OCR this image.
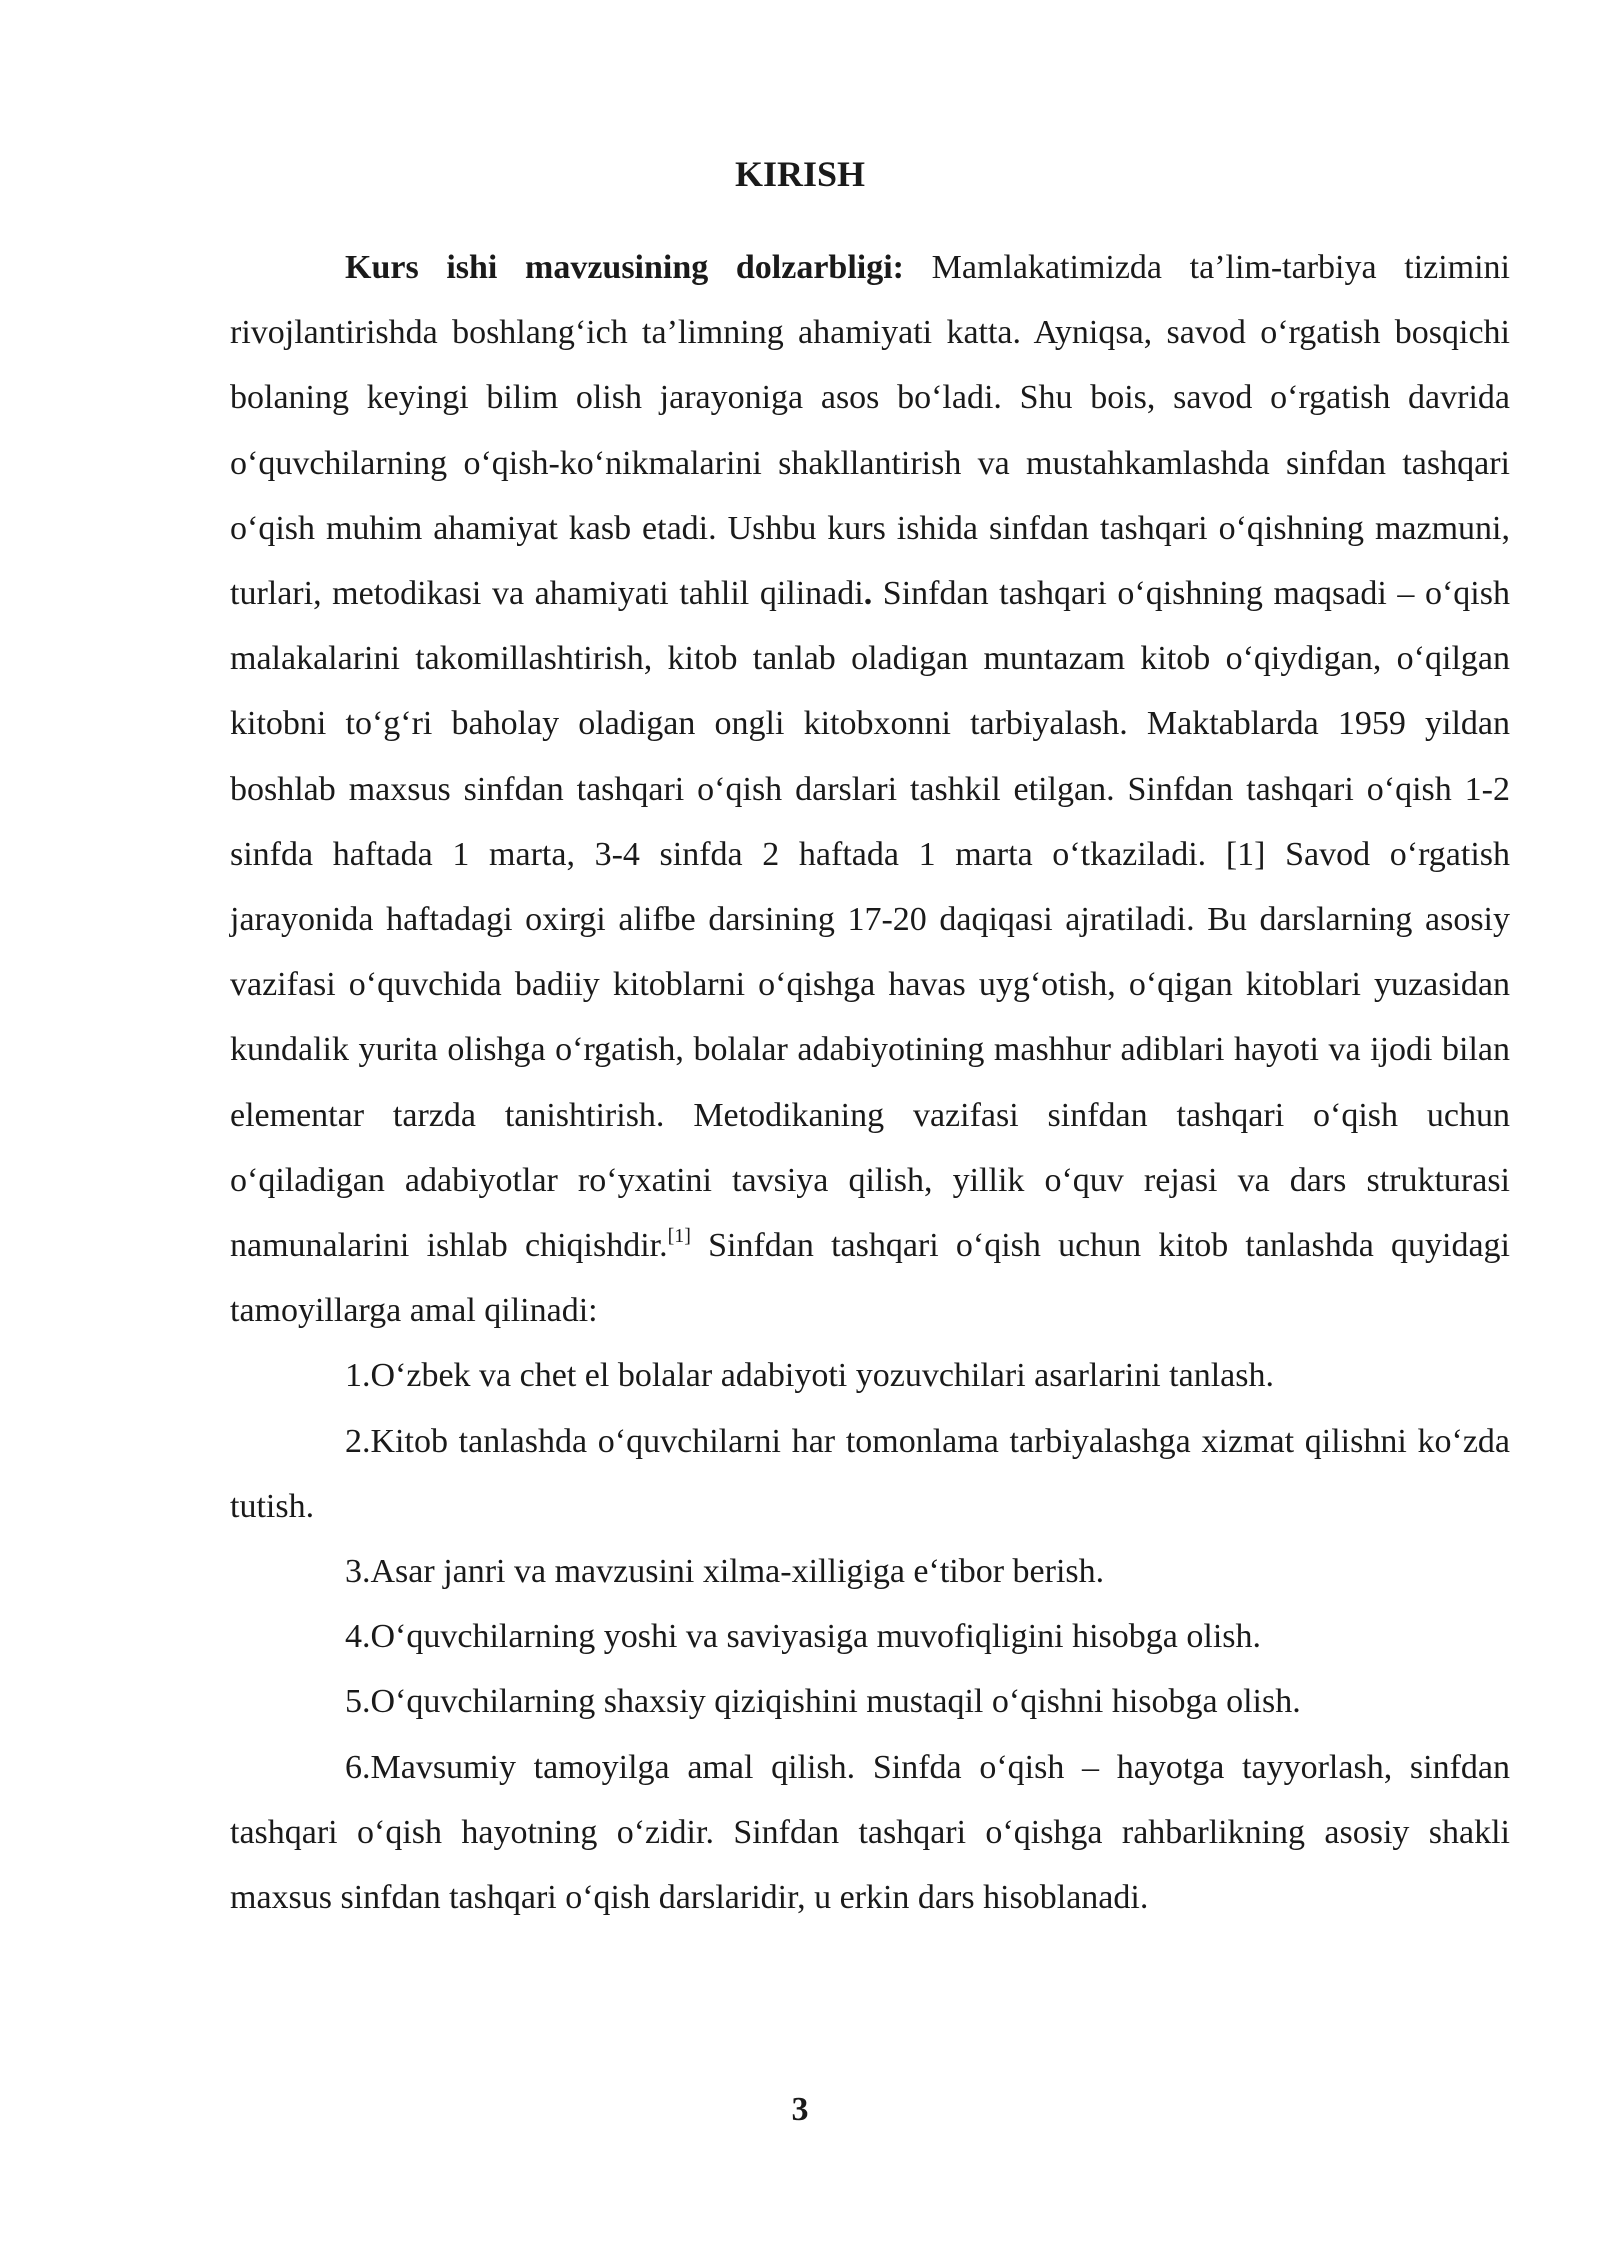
KIRISH

Kurs ishi mavzusining dolzarbligi: Mamlakatimizda ta’lim-tarbiya tizimini rivojlantirishda boshlang‘ich ta’limning ahamiyati katta. Ayniqsa, savod o‘rgatish bosqichi bolaning keyingi bilim olish jarayoniga asos bo‘ladi. Shu bois, savod o‘rgatish davrida o‘quvchilarning o‘qish-ko‘nikmalarini shakllantirish va mustahkamlashda sinfdan tashqari o‘qish muhim ahamiyat kasb etadi. Ushbu kurs ishida sinfdan tashqari o‘qishning mazmuni, turlari, metodikasi va ahamiyati tahlil qilinadi. Sinfdan tashqari o‘qishning maqsadi – o‘qish malakalarini takomillashtirish, kitob tanlab oladigan muntazam kitob o‘qiydigan, o‘qilgan kitobni to‘g‘ri baholay oladigan ongli kitobxonni tarbiyalash. Maktablarda 1959 yildan boshlab maxsus sinfdan tashqari o‘qish darslari tashkil etilgan. Sinfdan tashqari o‘qish 1-2 sinfda haftada 1 marta, 3-4 sinfda 2 haftada 1 marta o‘tkaziladi. [1] Savod o‘rgatish jarayonida haftadagi oxirgi alifbe darsining 17-20 daqiqasi ajratiladi. Bu darslarning asosiy vazifasi o‘quvchida badiiy kitoblarni o‘qishga havas uyg‘otish, o‘qigan kitoblari yuzasidan kundalik yurita olishga o‘rgatish, bolalar adabiyotining mashhur adiblari hayoti va ijodi bilan elementar tarzda tanishtirish. Metodikaning vazifasi sinfdan tashqari o‘qish uchun o‘qiladigan adabiyotlar ro‘yxatini tavsiya qilish, yillik o‘quv rejasi va dars strukturasi namunalarini ishlab chiqishdir.[1] Sinfdan tashqari o‘qish uchun kitob tanlashda quyidagi tamoyillarga amal qilinadi:

1.O‘zbek va chet el bolalar adabiyoti yozuvchilari asarlarini tanlash.

2.Kitob tanlashda o‘quvchilarni har tomonlama tarbiyalashga xizmat qilishni ko‘zda tutish.

3.Asar janri va mavzusini xilma-xilligiga e‘tibor berish.

4.O‘quvchilarning yoshi va saviyasiga muvofiqligini hisobga olish.

5.O‘quvchilarning shaxsiy qiziqishini mustaqil o‘qishni hisobga olish.

6.Mavsumiy tamoyilga amal qilish. Sinfda o‘qish – hayotga tayyorlash, sinfdan tashqari o‘qish hayotning o‘zidir. Sinfdan tashqari o‘qishga rahbarlikning asosiy shakli maxsus sinfdan tashqari o‘qish darslaridir, u erkin dars hisoblanadi.

3
